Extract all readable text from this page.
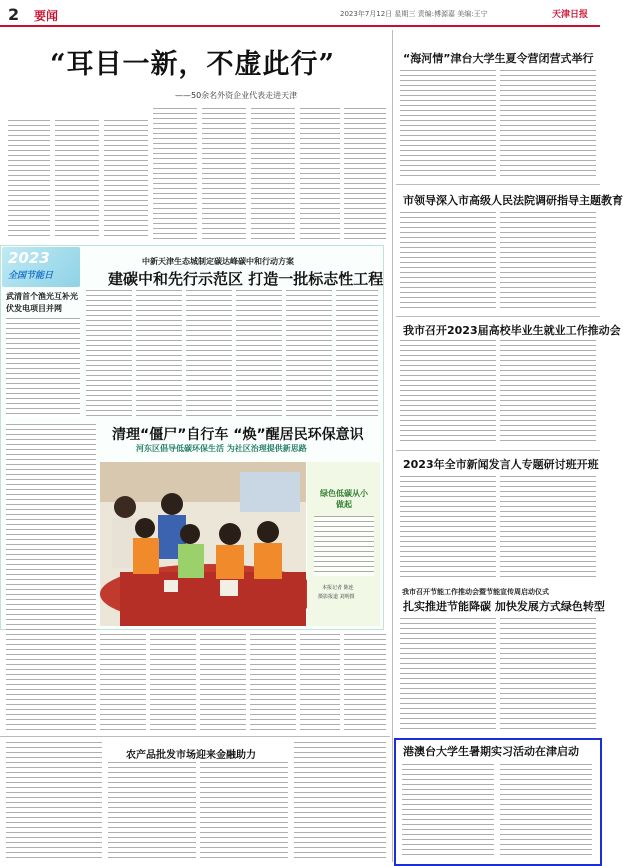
2 要闻	2023年7月12日 星期三 责编:傅源嘉 美编:王宁	天津日报
“耳目一新，不虚此行”
——50余名外资企业代表走进天津
2023
全国节能日
武清首个渔光互补光伏发电项目并网
中新天津生态城制定碳达峰碳中和行动方案
建碳中和先行示范区 打造一批标志性工程
清理“僵尸”自行车 “焕”醒居民环保意识
河东区倡导低碳环保生活 为社区治理提供新思路
绿色低碳从小做起
本报记者 陈连
摄影报道 刘明摄
农产品批发市场迎来金融助力
“海河情”津台大学生夏令营闭营式举行
市领导深入市高级人民法院调研指导主题教育
我市召开2023届高校毕业生就业工作推动会
2023年全市新闻发言人专题研讨班开班
我市召开节能工作推动会暨节能宣传周启动仪式
扎实推进节能降碳 加快发展方式绿色转型
港澳台大学生暑期实习活动在津启动
